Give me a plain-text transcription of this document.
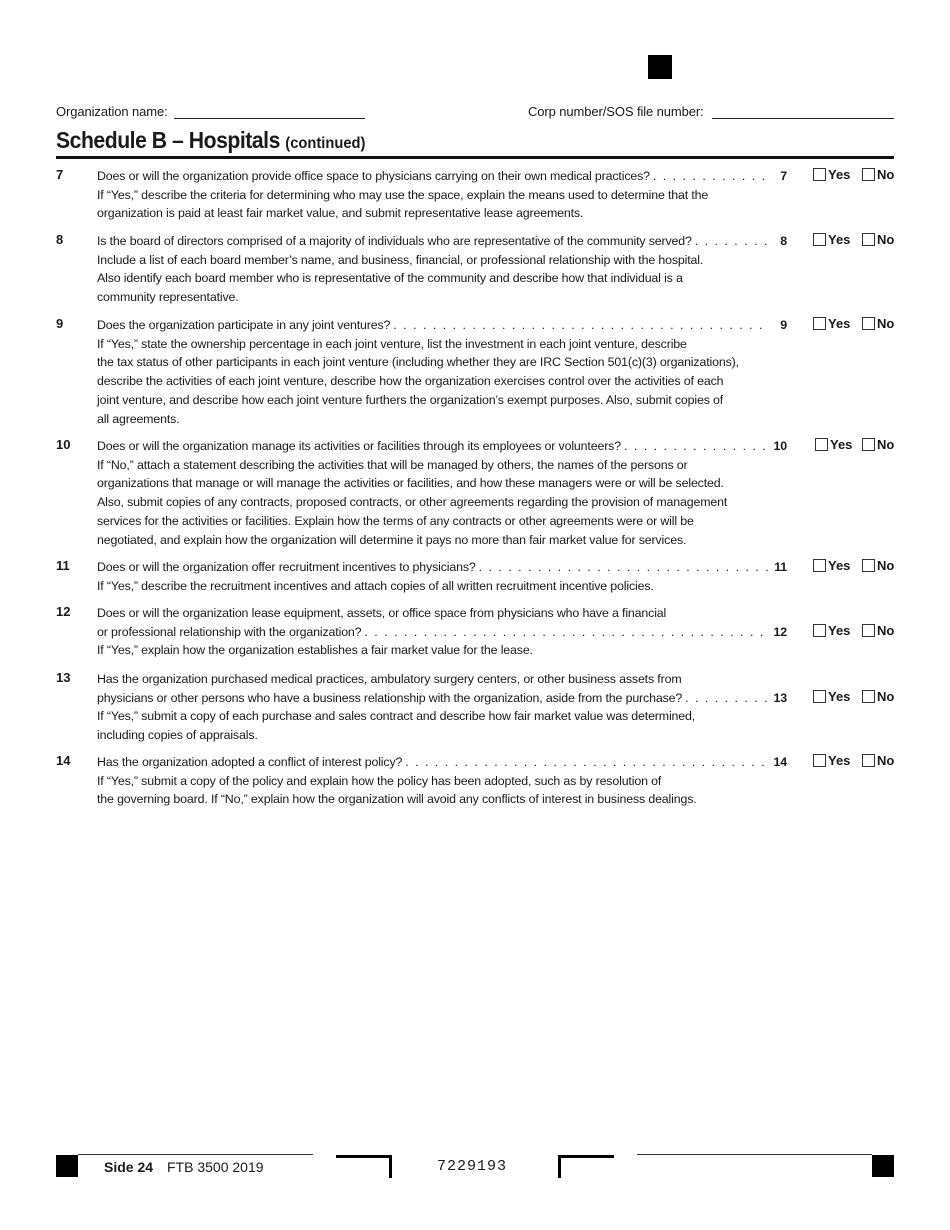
Organization name:	Corp number/SOS file number:
Schedule B – Hospitals (continued)
7	Does or will the organization provide office space to physicians carrying on their own medical practices? . . .	7
If “Yes,” describe the criteria for determining who may use the space, explain the means used to determine that the
organization is paid at least fair market value, and submit representative lease agreements.
Yes No
8	Is the board of directors comprised of a majority of individuals who are representative of the community served? . . .	8
Include a list of each board member’s name, and business, financial, or professional relationship with the hospital.
Also identify each board member who is representative of the community and describe how that individual is a
community representative.
Yes No
9	Does the organization participate in any joint ventures? . . .	9
If “Yes,” state the ownership percentage in each joint venture, list the investment in each joint venture, describe
the tax status of other participants in each joint venture (including whether they are IRC Section 501(c)(3) organizations),
describe the activities of each joint venture, describe how the organization exercises control over the activities of each
joint venture, and describe how each joint venture furthers the organization’s exempt purposes. Also, submit copies of
all agreements.
Yes No
10 Does or will the organization manage its activities or facilities through its employees or volunteers? . . .	10
If “No,” attach a statement describing the activities that will be managed by others, the names of the persons or
organizations that manage or will manage the activities or facilities, and how these managers were or will be selected.
Also, submit copies of any contracts, proposed contracts, or other agreements regarding the provision of management
services for the activities or facilities. Explain how the terms of any contracts or other agreements were or will be
negotiated, and explain how the organization will determine it pays no more than fair market value for services.
Yes No
11 Does or will the organization offer recruitment incentives to physicians? . . .	11
If “Yes,” describe the recruitment incentives and attach copies of all written recruitment incentive policies.
Yes No
12 Does or will the organization lease equipment, assets, or office space from physicians who have a financial
or professional relationship with the organization? . . .	12
If “Yes,” explain how the organization establishes a fair market value for the lease.
Yes No
13 Has the organization purchased medical practices, ambulatory surgery centers, or other business assets from
physicians or other persons who have a business relationship with the organization, aside from the purchase? . . .	13
If “Yes,” submit a copy of each purchase and sales contract and describe how fair market value was determined,
including copies of appraisals.
Yes No
14 Has the organization adopted a conflict of interest policy? . . .	14
If “Yes,” submit a copy of the policy and explain how the policy has been adopted, such as by resolution of
the governing board. If “No,” explain how the organization will avoid any conflicts of interest in business dealings.
Yes No
Side 24 FTB 3500 2019	7229193
